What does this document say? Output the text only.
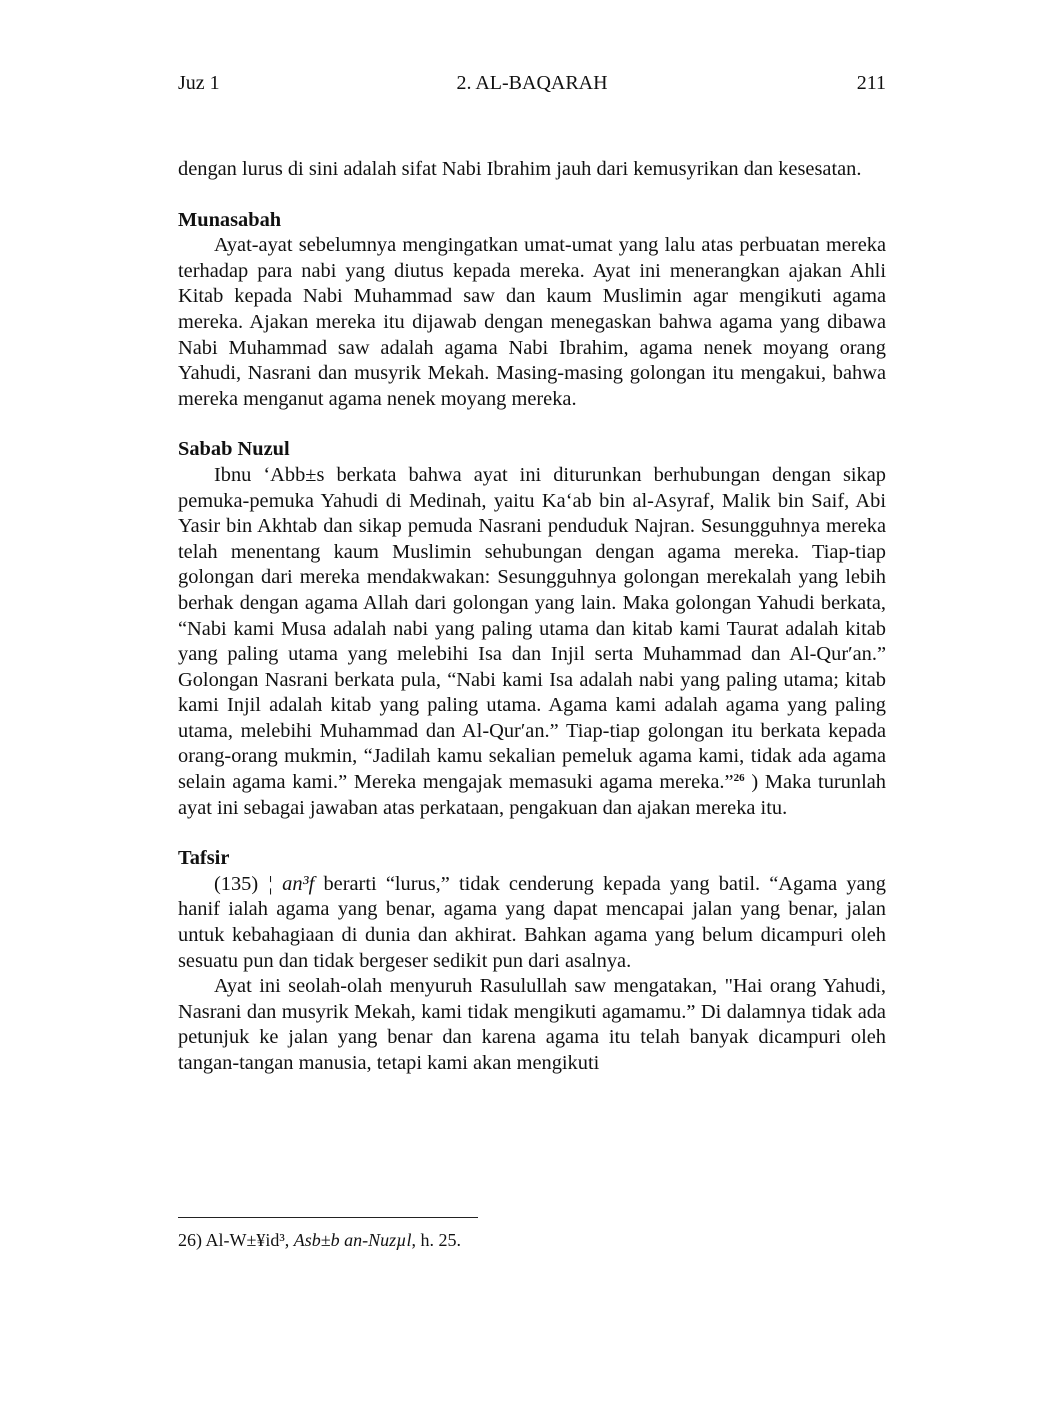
Juz 1	2. AL-BAQARAH	211

dengan lurus di sini adalah sifat Nabi Ibrahim jauh dari kemusyrikan dan kesesatan.

Munasabah

Ayat-ayat sebelumnya mengingatkan umat-umat yang lalu atas perbuatan mereka terhadap para nabi yang diutus kepada mereka. Ayat ini menerangkan ajakan Ahli Kitab kepada Nabi Muhammad saw dan kaum Muslimin agar mengikuti agama mereka. Ajakan mereka itu dijawab dengan menegaskan bahwa agama yang dibawa Nabi Muhammad saw adalah agama Nabi Ibrahim, agama nenek moyang orang Yahudi, Nasrani dan musyrik Mekah. Masing-masing golongan itu mengakui, bahwa mereka menganut agama nenek moyang mereka.

Sabab Nuzul

Ibnu ‘Abb±s berkata bahwa ayat ini diturunkan berhubungan dengan sikap pemuka-pemuka Yahudi di Medinah, yaitu Ka‘ab bin al-Asyraf, Malik bin Saif, Abi Yasir bin Akhtab dan sikap pemuda Nasrani penduduk Najran. Sesungguhnya mereka telah menentang kaum Muslimin sehubungan dengan agama mereka. Tiap-tiap golongan dari mereka mendakwakan: Sesungguhnya golongan merekalah yang lebih berhak dengan agama Allah dari golongan yang lain. Maka golongan Yahudi berkata, “Nabi kami Musa adalah nabi yang paling utama dan kitab kami Taurat adalah kitab yang paling utama yang melebihi Isa dan Injil serta Muhammad dan Al-Qur′an.” Golongan Nasrani berkata pula, “Nabi kami Isa adalah nabi yang paling utama; kitab kami Injil adalah kitab yang paling utama. Agama kami adalah agama yang paling utama, melebihi Muhammad dan Al-Qur′an.” Tiap-tiap golongan itu berkata kepada orang-orang mukmin, “Jadilah kamu sekalian pemeluk agama kami, tidak ada agama selain agama kami.” Mereka mengajak memasuki agama mereka.”$^{26}$ ) Maka turunlah ayat ini sebagai jawaban atas perkataan, pengakuan dan ajakan mereka itu.

Tafsir

(135) ¦ an³f berarti “lurus,” tidak cenderung kepada yang batil. “Agama yang hanif ialah agama yang benar, agama yang dapat mencapai jalan yang benar, jalan untuk kebahagiaan di dunia dan akhirat. Bahkan agama yang belum dicampuri oleh sesuatu pun dan tidak bergeser sedikit pun dari asalnya.

Ayat ini seolah-olah menyuruh Rasulullah saw mengatakan, "Hai orang Yahudi, Nasrani dan musyrik Mekah, kami tidak mengikuti agamamu.” Di dalamnya tidak ada petunjuk ke jalan yang benar dan karena agama itu telah banyak dicampuri oleh tangan-tangan manusia, tetapi kami akan mengikuti

26) Al-W±¥id³, Asb±b an-Nuzµl, h. 25.
